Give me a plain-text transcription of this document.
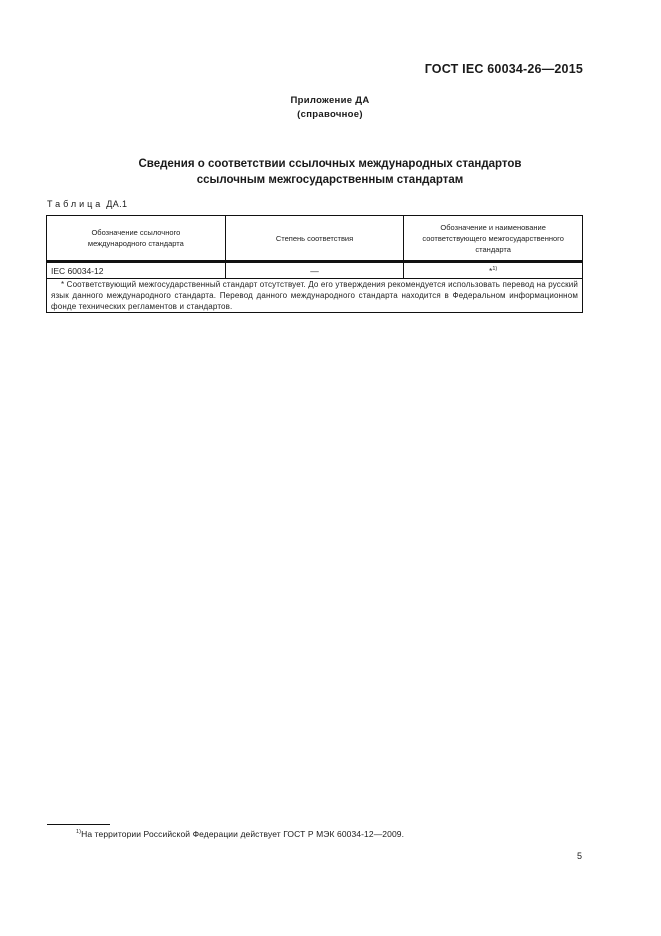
ГОСТ IEC 60034-26—2015
Приложение ДА
(справочное)
Сведения о соответствии ссылочных международных стандартов
ссылочным межгосударственным стандартам
Таблица ДА.1
Обозначение ссылочного международного стандарта	Степень соответствия	Обозначение и наименование соответствующего межгосударственного стандарта
IEC 60034-12	—	*$^{1)}$
* Соответствующий межгосударственный стандарт отсутствует. До его утверждения рекомендуется использовать перевод на русский язык данного международного стандарта. Перевод данного международного стандарта находится в Федеральном информационном фонде технических регламентов и стандартов.		
$^{1)}$На территории Российской Федерации действует ГОСТ Р МЭК 60034-12—2009.
5
